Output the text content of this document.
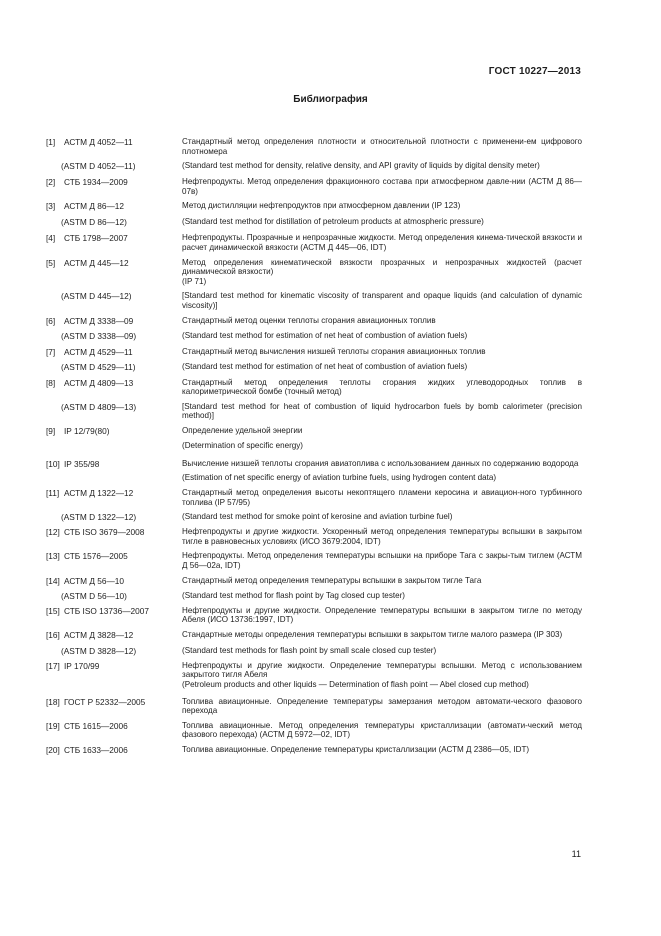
ГОСТ 10227—2013
Библиография
[1] АСТМ Д 4052—11	Стандартный метод определения плотности и относительной плотности с применени-ем цифрового плотномера
(ASTM D 4052—11)	(Standard test method for density, relative density, and API gravity of liquids by digital density meter)
[2] СТБ 1934—2009	Нефтепродукты. Метод определения фракционного состава при атмосферном давле-нии (АСТМ Д 86—07в)
[3] АСТМ Д 86—12	Метод дистилляции нефтепродуктов при атмосферном давлении (IP 123)
(ASTM D 86—12)	(Standard test method for distillation of petroleum products at atmospheric pressure)
[4] СТБ 1798—2007	Нефтепродукты. Прозрачные и непрозрачные жидкости. Метод определения кинема-тической вязкости и расчет динамической вязкости (АСТМ Д 445—06, IDT)
[5] АСТМ Д 445—12	Метод определения кинематической вязкости прозрачных и непрозрачных жидкостей (расчет динамической вязкости)
(IP 71)
(ASTM D 445—12)	[Standard test method for kinematic viscosity of transparent and opaque liquids (and calculation of dynamic viscosity)]
[6] АСТМ Д 3338—09	Стандартный метод оценки теплоты сгорания авиационных топлив
(ASTM D 3338—09)	(Standard test method for estimation of net heat of combustion of aviation fuels)
[7] АСТМ Д 4529—11	Стандартный метод вычисления низшей теплоты сгорания авиационных топлив
(ASTM D 4529—11)	(Standard test method for estimation of net heat of combustion of aviation fuels)
[8] АСТМ Д 4809—13	Стандартный метод определения теплоты сгорания жидких углеводородных топлив в калориметрической бомбе (точный метод)
(ASTM D 4809—13)	[Standard test method for heat of combustion of liquid hydrocarbon fuels by bomb calorimeter (precision method)]
[9] IP 12/79(80)	Определение удельной энергии
(Determination of specific energy)
[10] IP 355/98	Вычисление низшей теплоты сгорания авиатоплива с использованием данных по содержанию водорода
(Estimation of net specific energy of aviation turbine fuels, using hydrogen content data)
[11] АСТМ Д 1322—12	Стандартный метод определения высоты некоптящего пламени керосина и авиацион-ного турбинного топлива (IP 57/95)
(ASTM D 1322—12)	(Standard test method for smoke point of kerosine and aviation turbine fuel)
[12] СТБ ISO 3679—2008	Нефтепродукты и другие жидкости. Ускоренный метод определения температуры вспышки в закрытом тигле в равновесных условиях (ИСО 3679:2004, IDT)
[13] СТБ 1576—2005	Нефтепродукты. Метод определения температуры вспышки на приборе Тага с закры-тым тиглем (АСТМ Д 56—02а, IDT)
[14] АСТМ Д 56—10	Стандартный метод определения температуры вспышки в закрытом тигле Тага
(ASTM D 56—10)	(Standard test method for flash point by Tag closed cup tester)
[15] СТБ ISO 13736—2007	Нефтепродукты и другие жидкости. Определение температуры вспышки в закрытом тигле по методу Абеля (ИСО 13736:1997, IDT)
[16] АСТМ Д 3828—12	Стандартные методы определения температуры вспышки в закрытом тигле малого размера (IP 303)
(ASTM D 3828—12)	(Standard test methods for flash point by small scale closed cup tester)
[17] IP 170/99	Нефтепродукты и другие жидкости. Определение температуры вспышки. Метод с использованием закрытого тигля Абеля
(Petroleum products and other liquids — Determination of flash point — Abel closed cup method)
[18] ГОСТ Р 52332—2005	Топлива авиационные. Определение температуры замерзания методом автомати-ческого фазового перехода
[19] СТБ 1615—2006	Топлива авиационные. Метод определения температуры кристаллизации (автомати-ческий метод фазового перехода) (АСТМ Д 5972—02, IDT)
[20] СТБ 1633—2006	Топлива авиационные. Определение температуры кристаллизации (АСТМ Д 2386—05, IDT)
11
